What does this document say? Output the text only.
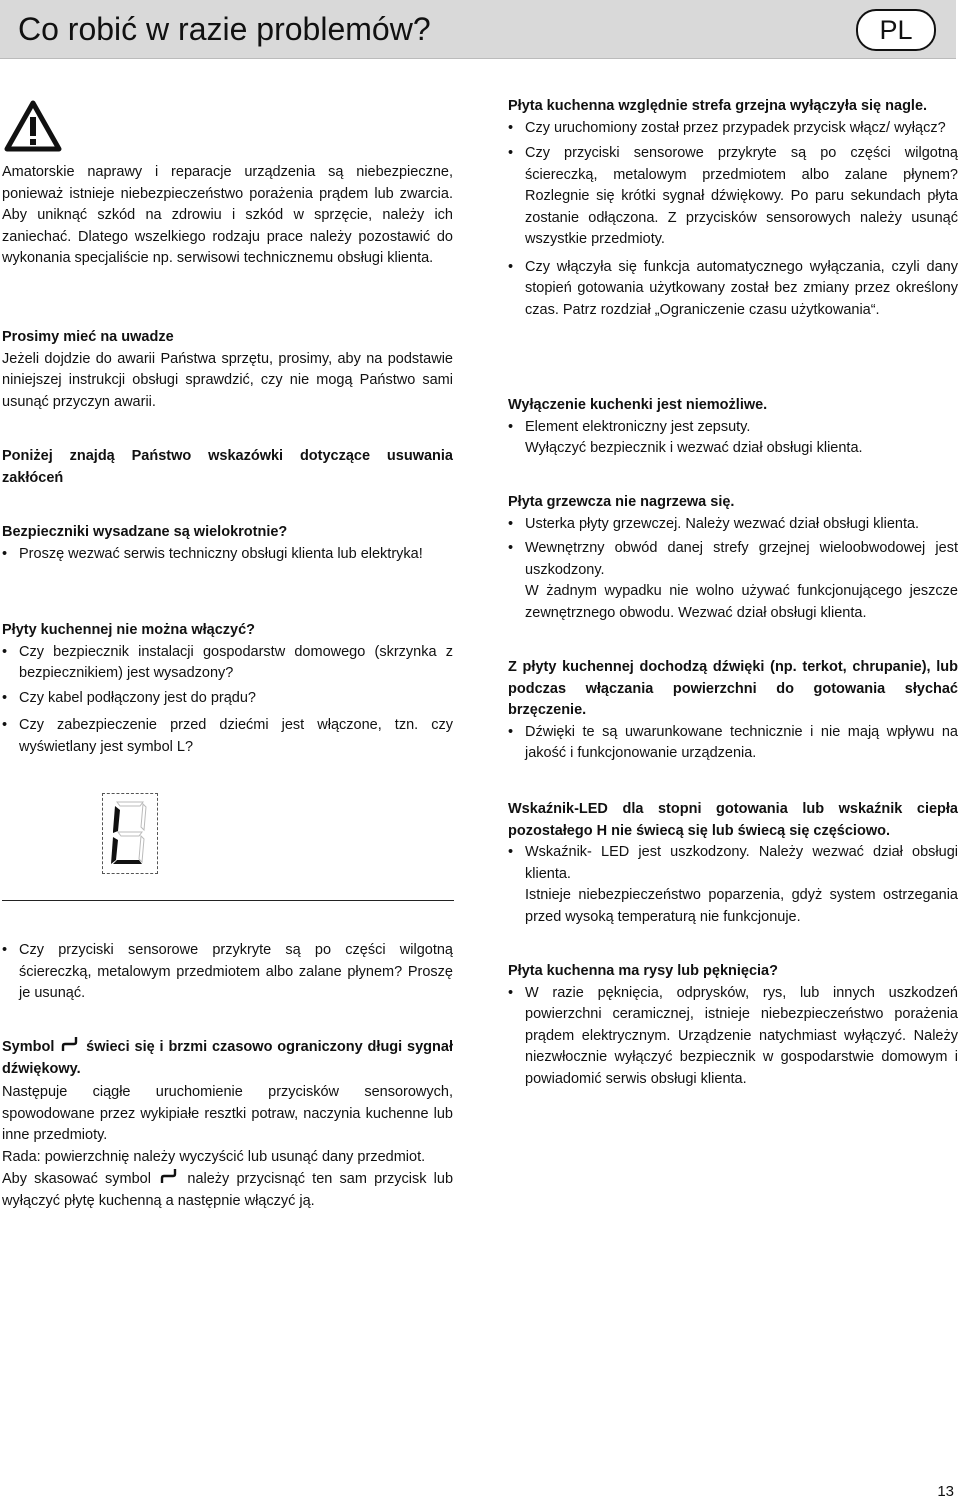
Co robić w razie problemów?	PL

Amatorskie naprawy i reparacje urządzenia są niebezpieczne, ponieważ istnieje niebezpieczeństwo porażenia prądem lub zwarcia. Aby uniknąć szkód na zdrowiu i szkód w sprzęcie, należy ich zaniechać. Dlatego wszelkiego rodzaju prace należy pozostawić do wykonania specjaliście np. serwisowi technicznemu obsługi klienta.

Prosimy mieć na uwadze

Jeżeli dojdzie do awarii Państwa sprzętu, prosimy, aby na podstawie niniejszej instrukcji obsługi sprawdzić, czy nie mogą Państwo sami usunąć przyczyn awarii.

Poniżej znajdą Państwo wskazówki dotyczące usuwania zakłóceń

Bezpieczniki wysadzane są wielokrotnie?

• Proszę wezwać serwis techniczny obsługi klienta lub elektryka!

Płyty kuchennej nie można włączyć?

• Czy bezpiecznik instalacji gospodarstw domowego (skrzynka z bezpiecznikiem) jest wysadzony?
• Czy kabel podłączony jest do prądu?
• Czy zabezpieczenie przed dziećmi jest włączone, tzn. czy wyświetlany jest symbol L?
• Czy przyciski sensorowe przykryte są po części wilgotną ściereczką, metalowym przedmiotem albo zalane płynem? Proszę je usunąć.

Symbol świeci się i brzmi czasowo ograniczony długi sygnał dźwiękowy.

Następuje ciągłe uruchomienie przycisków sensorowych, spowodowane przez wykipiałe resztki potraw, naczynia kuchenne lub inne przedmioty.

Rada: powierzchnię należy wyczyścić lub usunąć dany przedmiot.

Aby skasować symbol	należy przycisnąć ten sam przycisk lub wyłączyć płytę kuchenną a następnie włączyć ją.

Płyta kuchenna względnie strefa grzejna wyłączyła się nagle.

• Czy uruchomiony został przez przypadek przycisk włącz/ wyłącz?
• Czy przyciski sensorowe przykryte są po części wilgotną ściereczką, metalowym przedmiotem albo zalane płynem? Rozlegnie się krótki sygnał dźwiękowy. Po paru sekundach płyta zostanie odłączona. Z przycisków sensorowych należy usunąć wszystkie przedmioty.
• Czy włączyła się funkcja automatycznego wyłączania, czyli dany stopień gotowania użytkowany został bez zmiany przez określony czas. Patrz rozdział „Ograniczenie czasu użytkowania“.

Wyłączenie kuchenki jest niemożliwe.

• Element elektroniczny jest zepsuty.

Wyłączyć bezpiecznik i wezwać dział obsługi klienta.

Płyta grzewcza nie nagrzewa się.

• Usterka płyty grzewczej. Należy wezwać dział obsługi klienta.
• Wewnętrzny obwód danej strefy grzejnej wieloobwodowej jest uszkodzony.

W żadnym wypadku nie wolno używać funkcjonującego jeszcze zewnętrznego obwodu. Wezwać dział obsługi klienta.

Z płyty kuchennej dochodzą dźwięki (np. terkot, chrupanie), lub podczas włączania powierzchni do gotowania słychać brzęczenie.

• Dźwięki te są uwarunkowane technicznie i nie mają wpływu na jakość i funkcjonowanie urządzenia.

Wskaźnik-LED dla stopni gotowania lub wskaźnik ciepła pozostałego H nie świecą się lub świecą się częściowo.

• Wskaźnik- LED jest uszkodzony. Należy wezwać dział obsługi klienta.

Istnieje niebezpieczeństwo poparzenia, gdyż system ostrzegania przed wysoką temperaturą nie funkcjonuje.

Płyta kuchenna ma rysy lub pęknięcia?

• W razie pęknięcia, odprysków, rys, lub innych uszkodzeń powierzchni ceramicznej, istnieje niebezpieczeństwo porażenia prądem elektrycznym. Urządzenie natychmiast wyłączyć. Należy niezwłocznie wyłączyć bezpiecznik w gospodarstwie domowym i powiadomić serwis obsługi klienta.
13
